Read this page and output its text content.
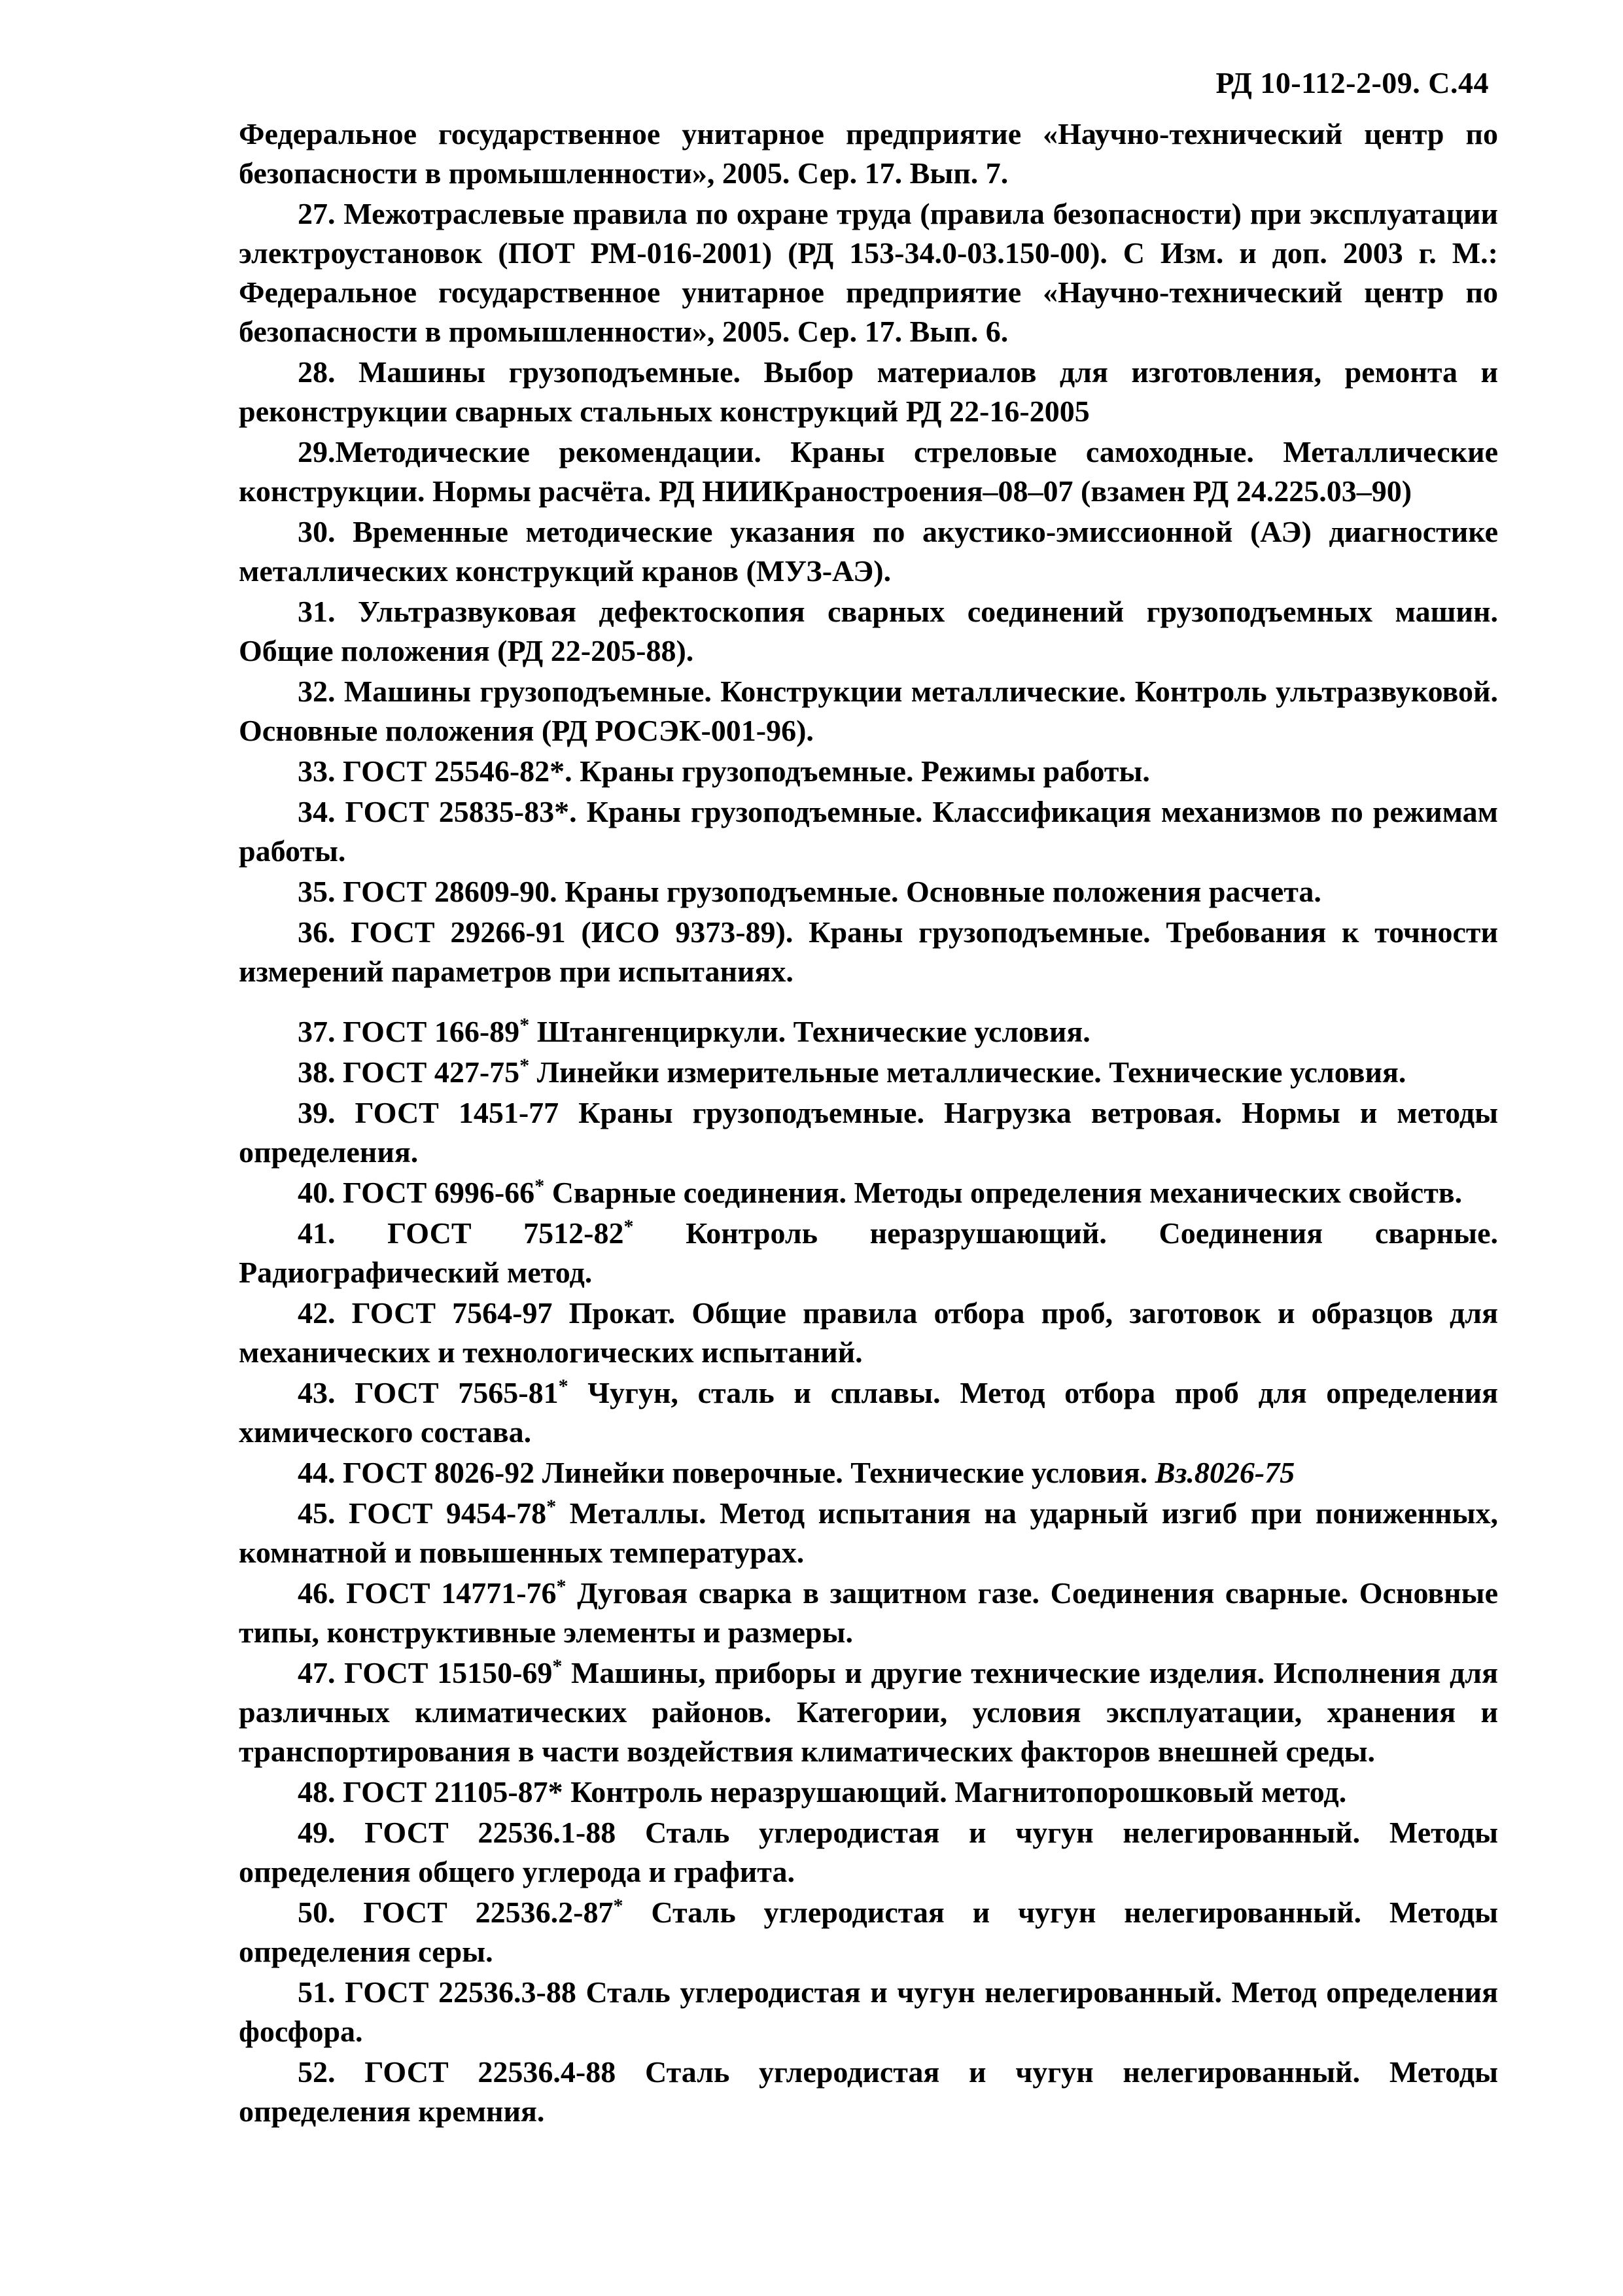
РД 10-112-2-09. С.44

Федеральное государственное унитарное предприятие «Научно-технический центр по безопасности в промышленности», 2005. Сер. 17. Вып. 7.

27. Межотраслевые правила по охране труда (правила безопасности) при эксплуатации электроустановок (ПОТ РМ-016-2001) (РД 153-34.0-03.150-00). С Изм. и доп. 2003 г. М.: Федеральное государственное унитарное предприятие «Научно-технический центр по безопасности в промышленности», 2005. Сер. 17. Вып. 6.

28. Машины грузоподъемные. Выбор материалов для изготовления, ремонта и реконструкции сварных стальных конструкций РД 22-16-2005

29.Методические рекомендации. Краны стреловые самоходные. Металлические конструкции. Нормы расчёта. РД НИИКраностроения–08–07 (взамен РД 24.225.03–90)

30. Временные методические указания по акустико-эмиссионной (АЭ) диагностике металлических конструкций кранов (МУЗ-АЭ).

31. Ультразвуковая дефектоскопия сварных соединений грузоподъемных машин. Общие положения (РД 22-205-88).

32. Машины грузоподъемные. Конструкции металлические. Контроль ультразвуковой. Основные положения (РД РОСЭК-001-96).

33. ГОСТ 25546-82*. Краны грузоподъемные. Режимы работы.

34. ГОСТ 25835-83*. Краны грузоподъемные. Классификация механизмов по режимам работы.

35. ГОСТ 28609-90. Краны грузоподъемные. Основные положения расчета.

36. ГОСТ 29266-91 (ИСО 9373-89). Краны грузоподъемные. Требования к точности измерений параметров при испытаниях.

37. ГОСТ 166-89* Штангенциркули. Технические условия.

38. ГОСТ 427-75* Линейки измерительные металлические. Технические условия.

39. ГОСТ 1451-77 Краны грузоподъемные. Нагрузка ветровая. Нормы и методы определения.

40. ГОСТ 6996-66* Сварные соединения. Методы определения механических свойств.

41. ГОСТ 7512-82* Контроль неразрушающий. Соединения сварные. Радиографический метод.

42. ГОСТ 7564-97 Прокат. Общие правила отбора проб, заготовок и образцов для механических и технологических испытаний.

43. ГОСТ 7565-81* Чугун, сталь и сплавы. Метод отбора проб для определения химического состава.

44. ГОСТ 8026-92 Линейки поверочные. Технические условия. Вз.8026-75

45. ГОСТ 9454-78* Металлы. Метод испытания на ударный изгиб при пониженных, комнатной и повышенных температурах.

46. ГОСТ 14771-76* Дуговая сварка в защитном газе. Соединения сварные. Основные типы, конструктивные элементы и размеры.

47. ГОСТ 15150-69* Машины, приборы и другие технические изделия. Исполнения для различных климатических районов. Категории, условия эксплуатации, хранения и транспортирования в части воздействия климатических факторов внешней среды.

48. ГОСТ 21105-87* Контроль неразрушающий. Магнитопорошковый метод.

49. ГОСТ 22536.1-88 Сталь углеродистая и чугун нелегированный. Методы определения общего углерода и графита.

50. ГОСТ 22536.2-87* Сталь углеродистая и чугун нелегированный. Методы определения серы.

51. ГОСТ 22536.3-88 Сталь углеродистая и чугун нелегированный. Метод определения фосфора.

52. ГОСТ 22536.4-88 Сталь углеродистая и чугун нелегированный. Методы определения кремния.
